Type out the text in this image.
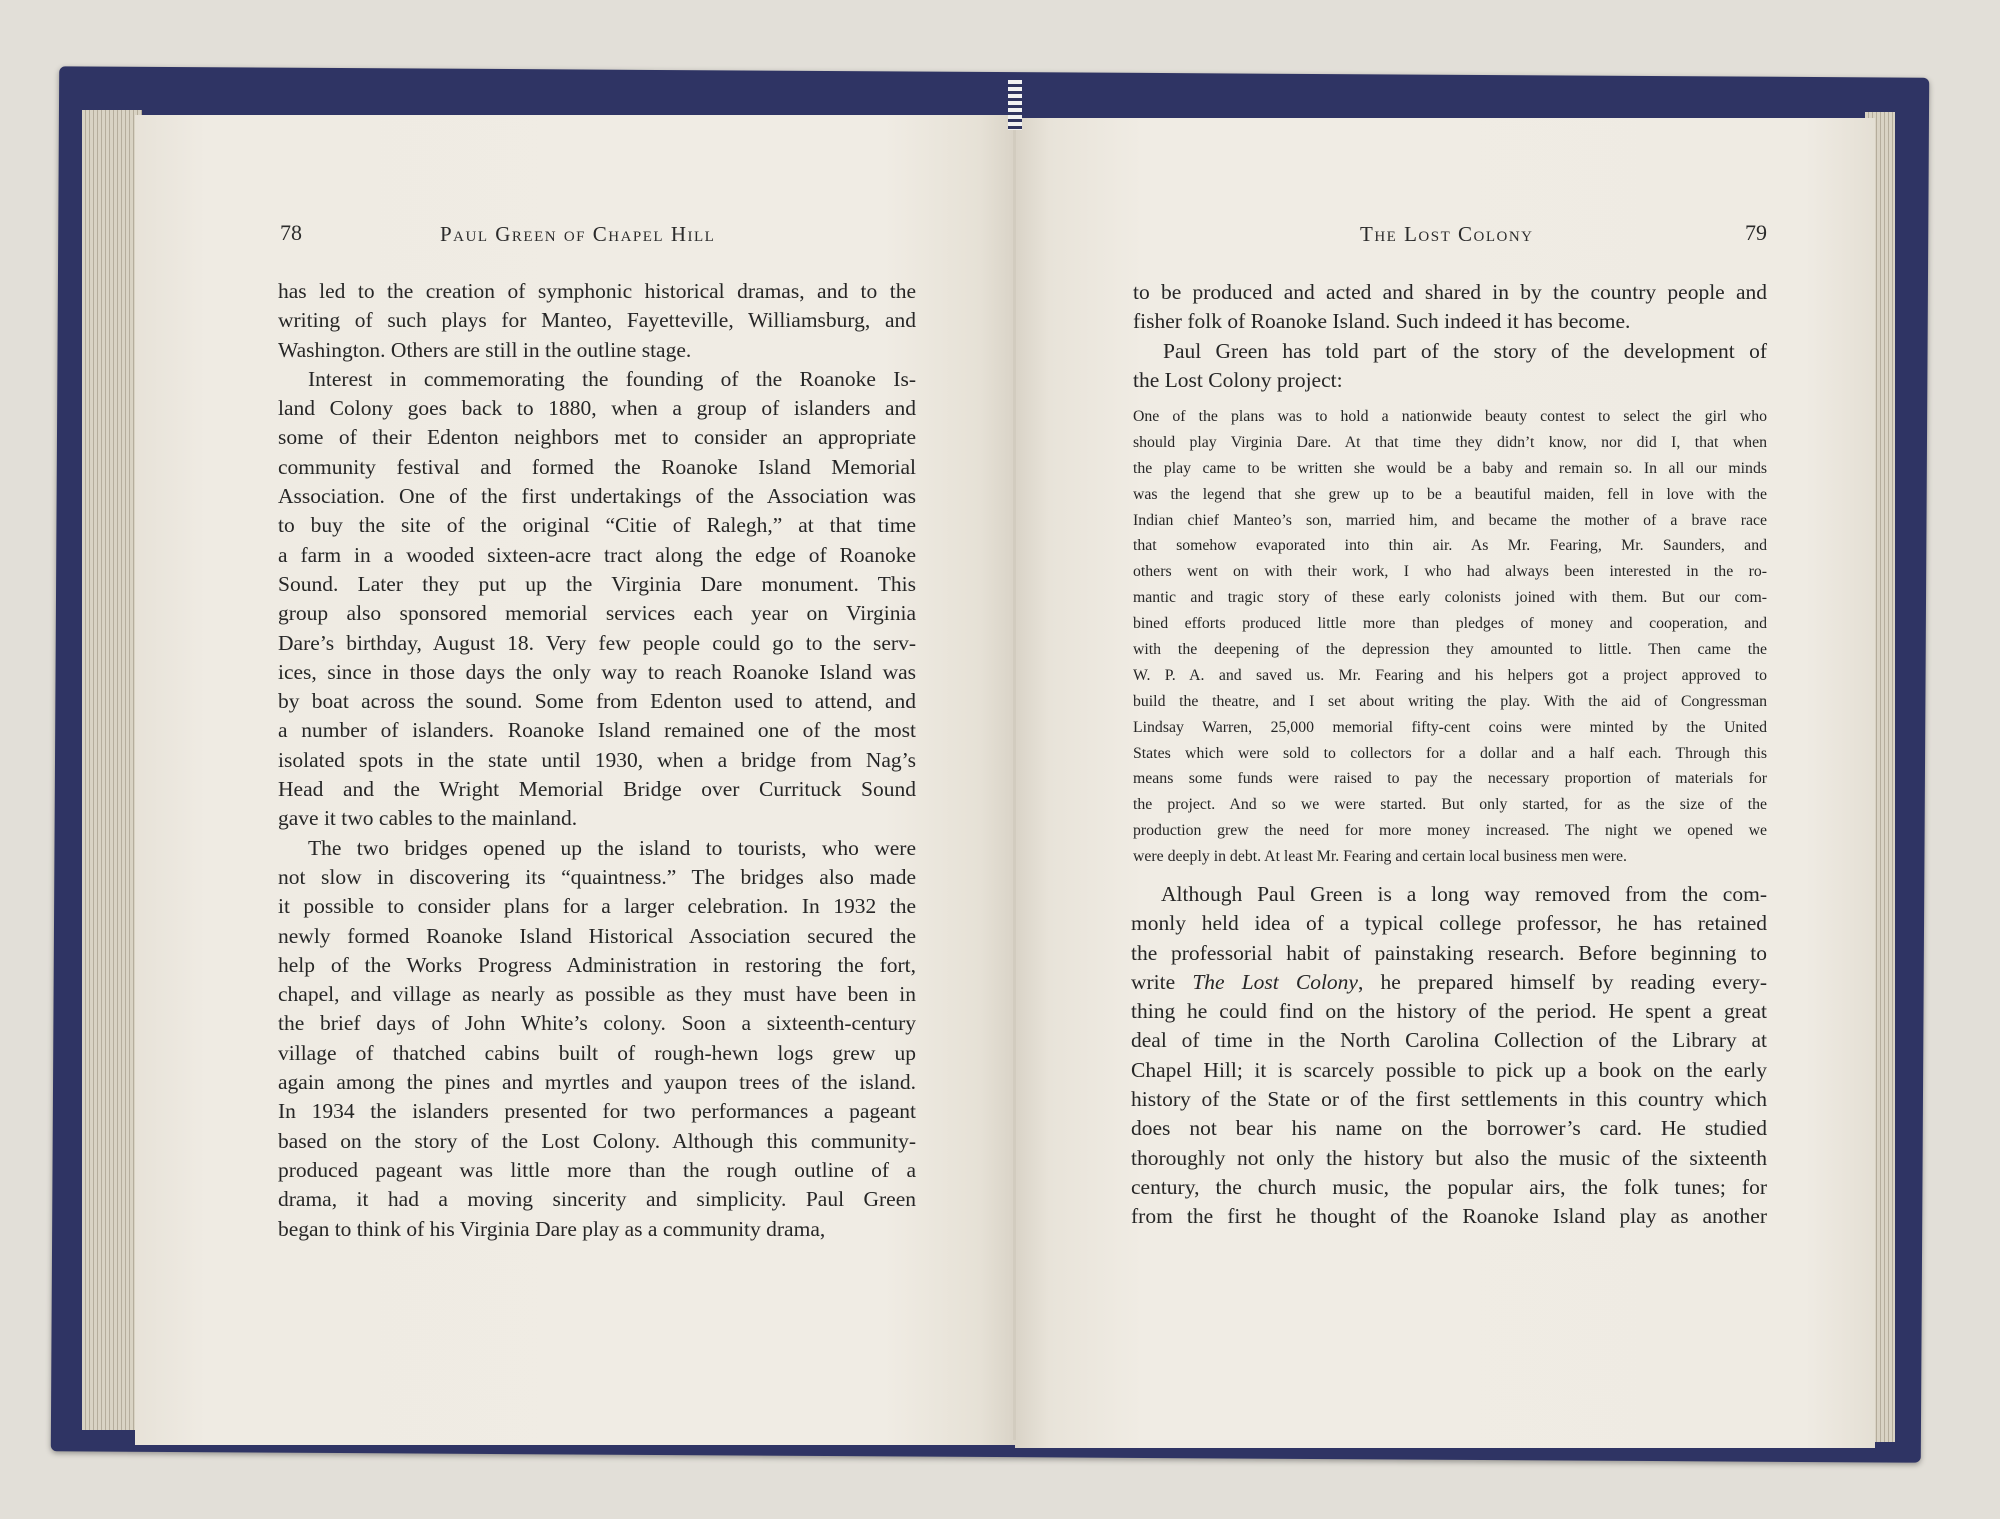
78	Paul Green of Chapel Hill
has led to the creation of symphonic historical dramas, and to the
writing of such plays for Manteo, Fayetteville, Williamsburg, and
Washington. Others are still in the outline stage.
Interest in commemorating the founding of the Roanoke Is-
land Colony goes back to 1880, when a group of islanders and
some of their Edenton neighbors met to consider an appropriate
community festival and formed the Roanoke Island Memorial
Association. One of the first undertakings of the Association was
to buy the site of the original “Citie of Ralegh,” at that time
a farm in a wooded sixteen-acre tract along the edge of Roanoke
Sound. Later they put up the Virginia Dare monument. This
group also sponsored memorial services each year on Virginia
Dare’s birthday, August 18. Very few people could go to the serv-
ices, since in those days the only way to reach Roanoke Island was
by boat across the sound. Some from Edenton used to attend, and
a number of islanders. Roanoke Island remained one of the most
isolated spots in the state until 1930, when a bridge from Nag’s
Head and the Wright Memorial Bridge over Currituck Sound
gave it two cables to the mainland.
The two bridges opened up the island to tourists, who were
not slow in discovering its “quaintness.” The bridges also made
it possible to consider plans for a larger celebration. In 1932 the
newly formed Roanoke Island Historical Association secured the
help of the Works Progress Administration in restoring the fort,
chapel, and village as nearly as possible as they must have been in
the brief days of John White’s colony. Soon a sixteenth-century
village of thatched cabins built of rough-hewn logs grew up
again among the pines and myrtles and yaupon trees of the island.
In 1934 the islanders presented for two performances a pageant
based on the story of the Lost Colony. Although this community-
produced pageant was little more than the rough outline of a
drama, it had a moving sincerity and simplicity. Paul Green
began to think of his Virginia Dare play as a community drama,
The Lost Colony	79
to be produced and acted and shared in by the country people and
fisher folk of Roanoke Island. Such indeed it has become.
Paul Green has told part of the story of the development of
the Lost Colony project:
One of the plans was to hold a nationwide beauty contest to select the girl who
should play Virginia Dare. At that time they didn’t know, nor did I, that when
the play came to be written she would be a baby and remain so. In all our minds
was the legend that she grew up to be a beautiful maiden, fell in love with the
Indian chief Manteo’s son, married him, and became the mother of a brave race
that somehow evaporated into thin air. As Mr. Fearing, Mr. Saunders, and
others went on with their work, I who had always been interested in the ro-
mantic and tragic story of these early colonists joined with them. But our com-
bined efforts produced little more than pledges of money and cooperation, and
with the deepening of the depression they amounted to little. Then came the
W. P. A. and saved us. Mr. Fearing and his helpers got a project approved to
build the theatre, and I set about writing the play. With the aid of Congressman
Lindsay Warren, 25,000 memorial fifty-cent coins were minted by the United
States which were sold to collectors for a dollar and a half each. Through this
means some funds were raised to pay the necessary proportion of materials for
the project. And so we were started. But only started, for as the size of the
production grew the need for more money increased. The night we opened we
were deeply in debt. At least Mr. Fearing and certain local business men were.
Although Paul Green is a long way removed from the com-
monly held idea of a typical college professor, he has retained
the professorial habit of painstaking research. Before beginning to
write The Lost Colony, he prepared himself by reading every-
thing he could find on the history of the period. He spent a great
deal of time in the North Carolina Collection of the Library at
Chapel Hill; it is scarcely possible to pick up a book on the early
history of the State or of the first settlements in this country which
does not bear his name on the borrower’s card. He studied
thoroughly not only the history but also the music of the sixteenth
century, the church music, the popular airs, the folk tunes; for
from the first he thought of the Roanoke Island play as another
